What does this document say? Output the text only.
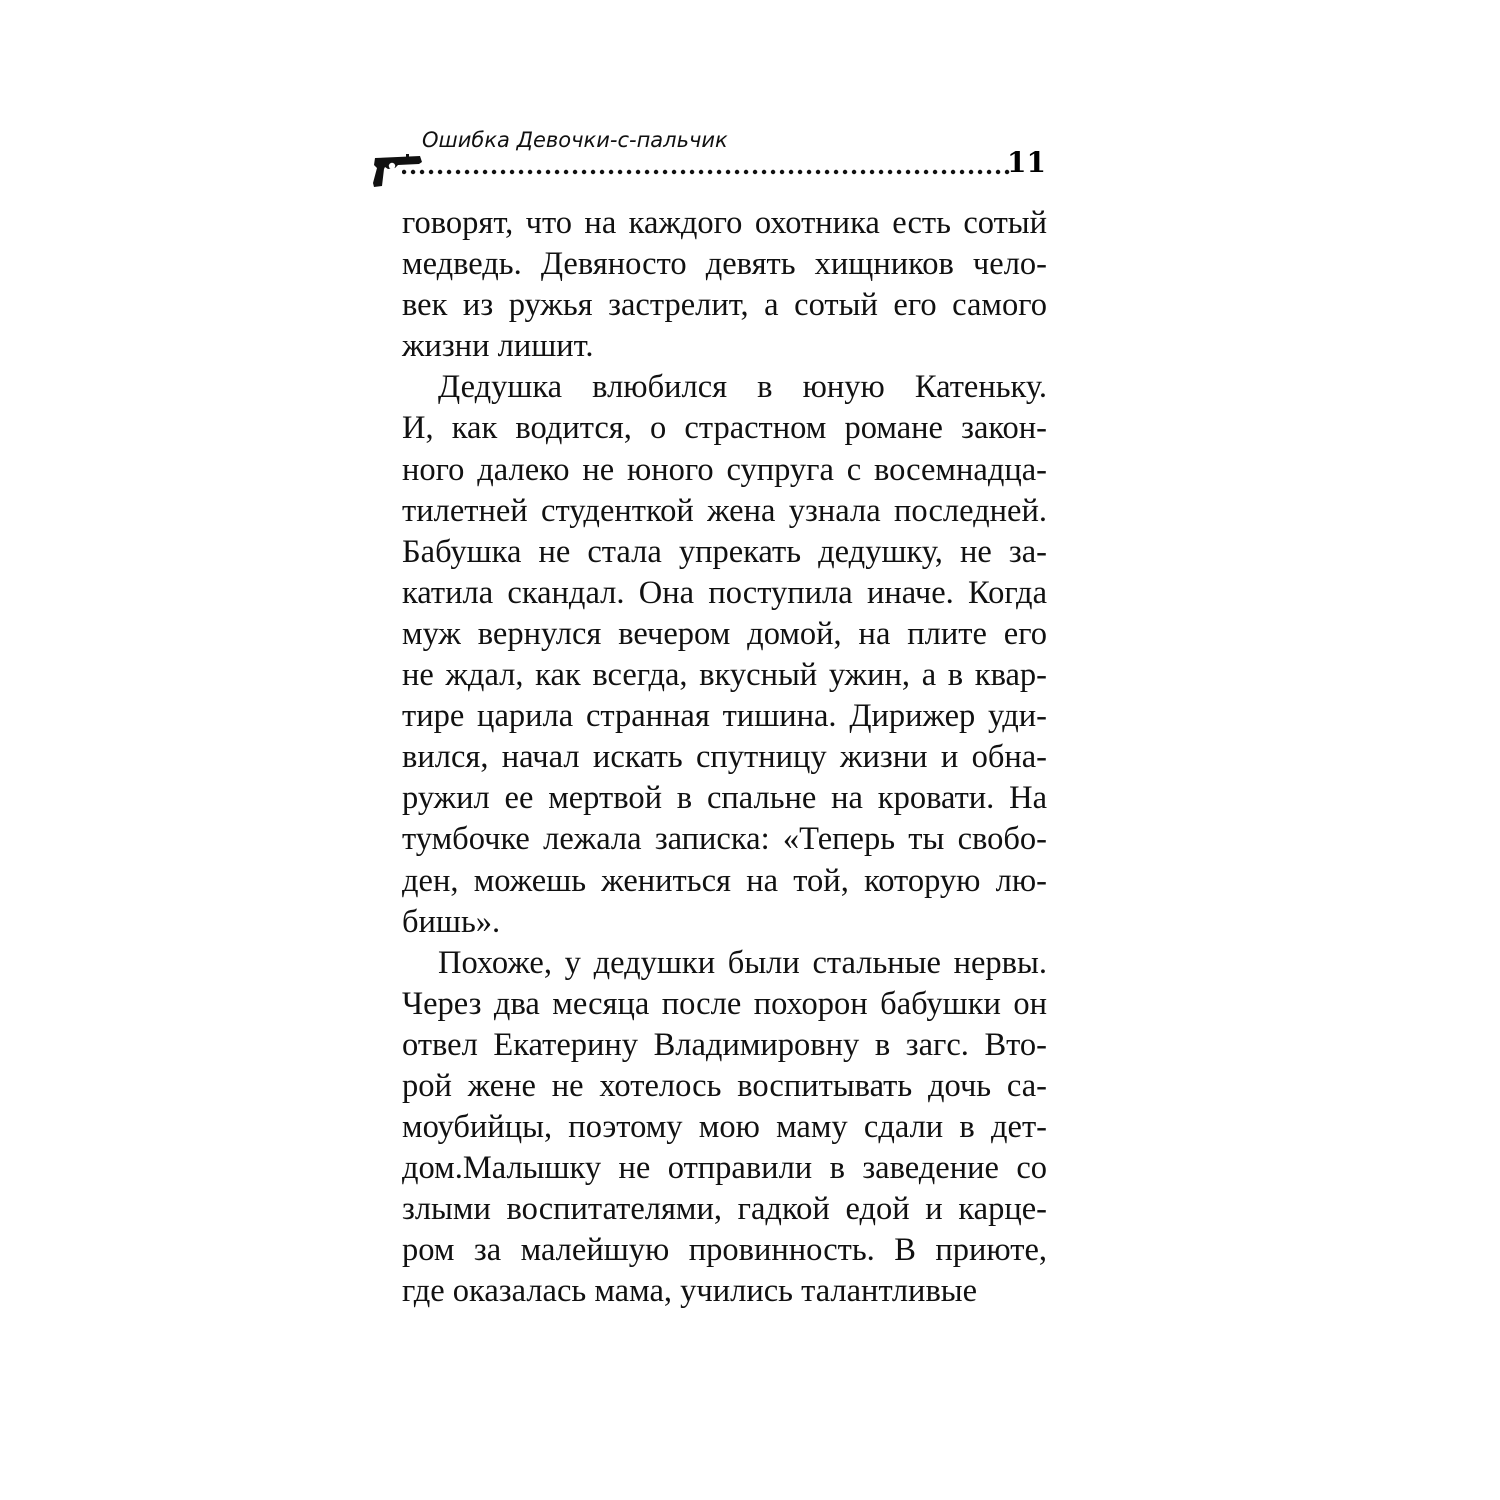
Ошибка Девочки-с-пальчик
11
говорят, что на каждого охотника есть сотый
медведь. Девяносто девять хищников чело-
век из ружья застрелит, а сотый его самого
жизни лишит.
Дедушка влюбился в юную Катеньку.
И, как водится, о страстном романе закон-
ного далеко не юного супруга с восемнадца-
тилетней студенткой жена узнала последней.
Бабушка не стала упрекать дедушку, не за-
катила скандал. Она поступила иначе. Когда
муж вернулся вечером домой, на плите его
не ждал, как всегда, вкусный ужин, а в квар-
тире царила странная тишина. Дирижер уди-
вился, начал искать спутницу жизни и обна-
ружил ее мертвой в спальне на кровати. На
тумбочке лежала записка: «Теперь ты свобо-
ден, можешь жениться на той, которую лю-
бишь».
Похоже, у дедушки были стальные нервы.
Через два месяца после похорон бабушки он
отвел Екатерину Владимировну в загс. Вто-
рой жене не хотелось воспитывать дочь са-
моубийцы, поэтому мою маму сдали в дет-
дом.Малышку не отправили в заведение со
злыми воспитателями, гадкой едой и карце-
ром за малейшую провинность. В приюте,
где оказалась мама, учились талантливые
